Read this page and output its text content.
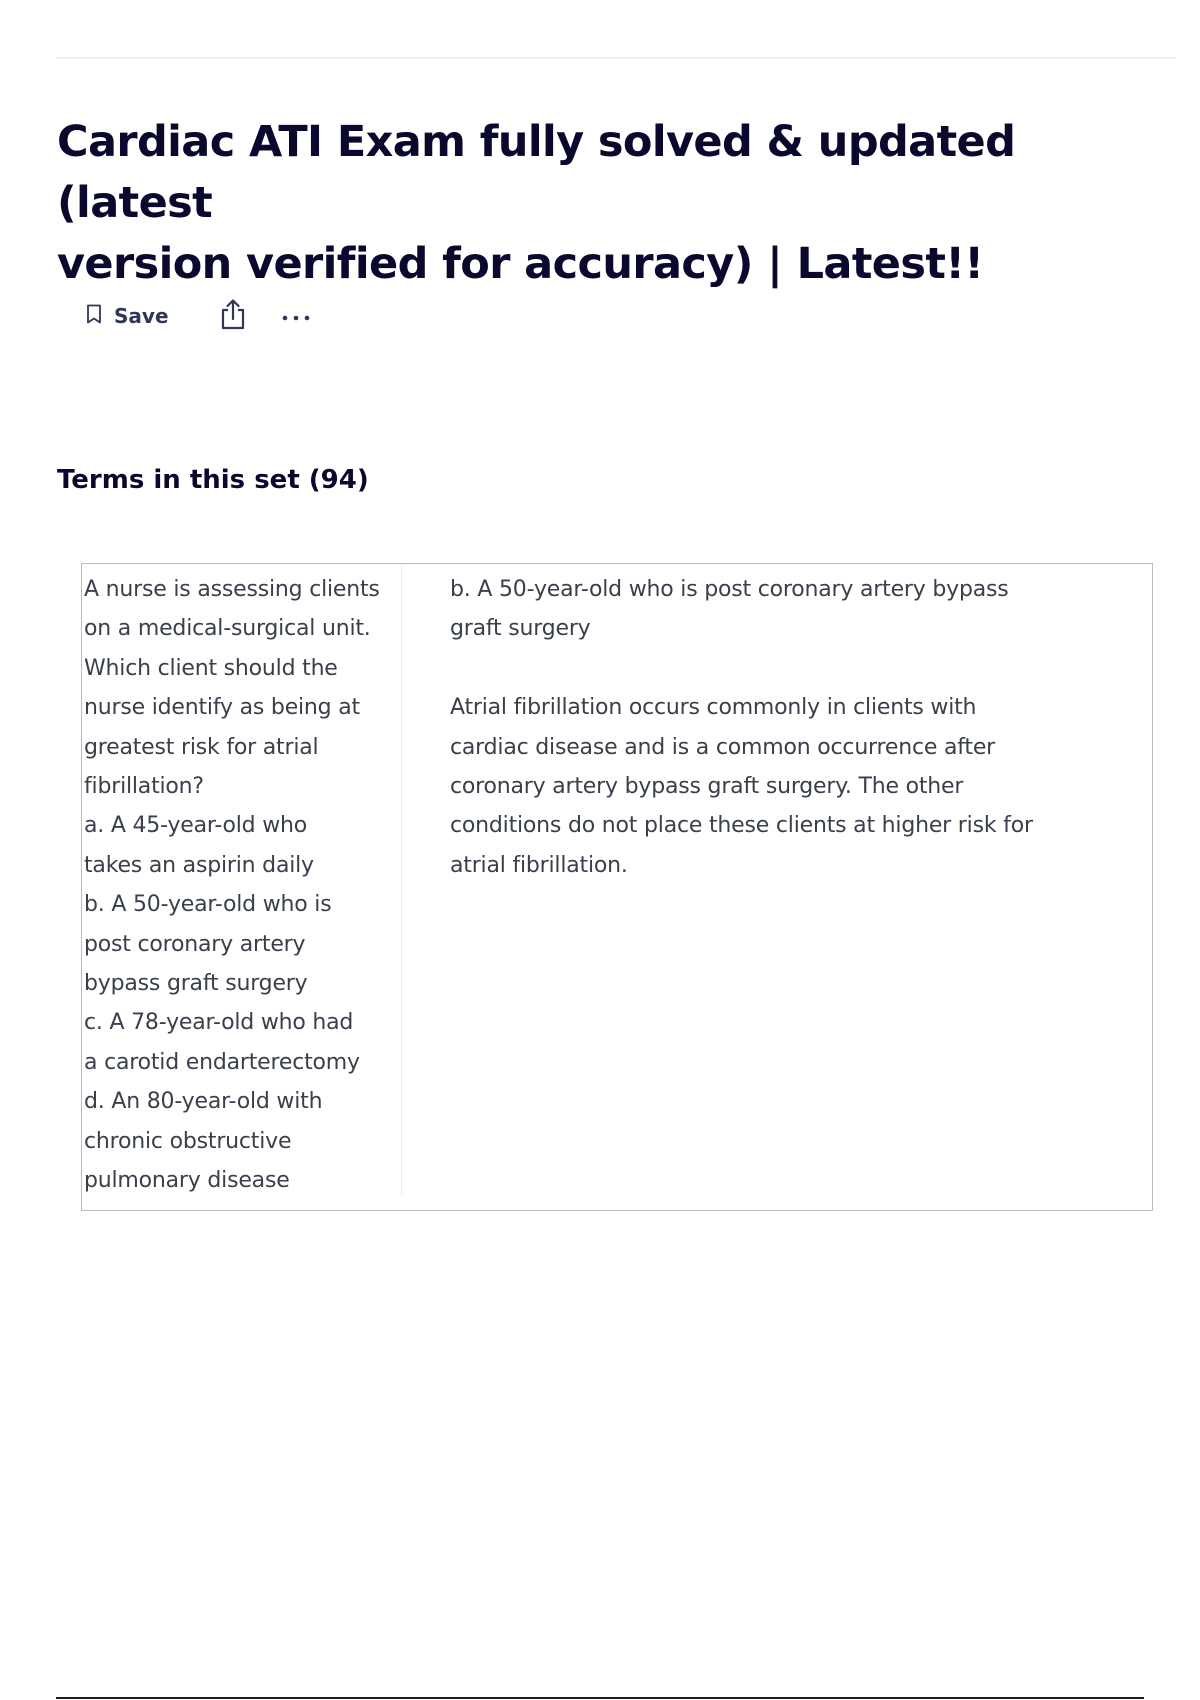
Cardiac ATI Exam fully solved & updated (latest
version verified for accuracy) | Latest!!
Save
Terms in this set (94)
A nurse is assessing clients
on a medical-surgical unit.
Which client should the
nurse identify as being at
greatest risk for atrial
fibrillation?
a. A 45-year-old who
takes an aspirin daily
b. A 50-year-old who is
post coronary artery
bypass graft surgery
c. A 78-year-old who had
a carotid endarterectomy
d. An 80-year-old with
chronic obstructive
pulmonary disease
b. A 50-year-old who is post coronary artery bypass
graft surgery
Atrial fibrillation occurs commonly in clients with
cardiac disease and is a common occurrence after
coronary artery bypass graft surgery. The other
conditions do not place these clients at higher risk for
atrial fibrillation.
